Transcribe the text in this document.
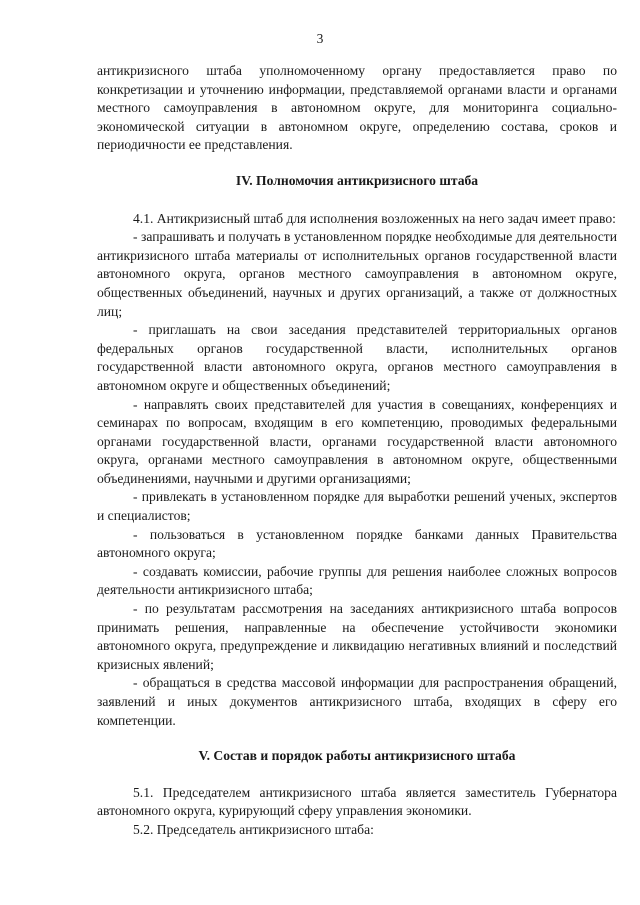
3

антикризисного штаба уполномоченному органу предоставляется право по конкретизации и уточнению информации, представляемой органами власти и органами местного самоуправления в автономном округе, для мониторинга социально-экономической ситуации в автономном округе, определению состава, сроков и периодичности ее представления.

IV. Полномочия антикризисного штаба

4.1. Антикризисный штаб для исполнения возложенных на него задач имеет право:

- запрашивать и получать в установленном порядке необходимые для деятельности антикризисного штаба материалы от исполнительных органов государственной власти автономного округа, органов местного самоуправления в автономном округе, общественных объединений, научных и других организаций, а также от должностных лиц;

- приглашать на свои заседания представителей территориальных органов федеральных органов государственной власти, исполнительных органов государственной власти автономного округа, органов местного самоуправления в автономном округе и общественных объединений;

- направлять своих представителей для участия в совещаниях, конференциях и семинарах по вопросам, входящим в его компетенцию, проводимых федеральными органами государственной власти, органами государственной власти автономного округа, органами местного самоуправления в автономном округе, общественными объединениями, научными и другими организациями;

- привлекать в установленном порядке для выработки решений ученых, экспертов и специалистов;

- пользоваться в установленном порядке банками данных Правительства автономного округа;

- создавать комиссии, рабочие группы для решения наиболее сложных вопросов деятельности антикризисного штаба;

- по результатам рассмотрения на заседаниях антикризисного штаба вопросов принимать решения, направленные на обеспечение устойчивости экономики автономного округа, предупреждение и ликвидацию негативных влияний и последствий кризисных явлений;

- обращаться в средства массовой информации для распространения обращений, заявлений и иных документов антикризисного штаба, входящих в сферу его компетенции.

V. Состав и порядок работы антикризисного штаба

5.1. Председателем антикризисного штаба является заместитель Губернатора автономного округа, курирующий сферу управления экономики.

5.2. Председатель антикризисного штаба:
